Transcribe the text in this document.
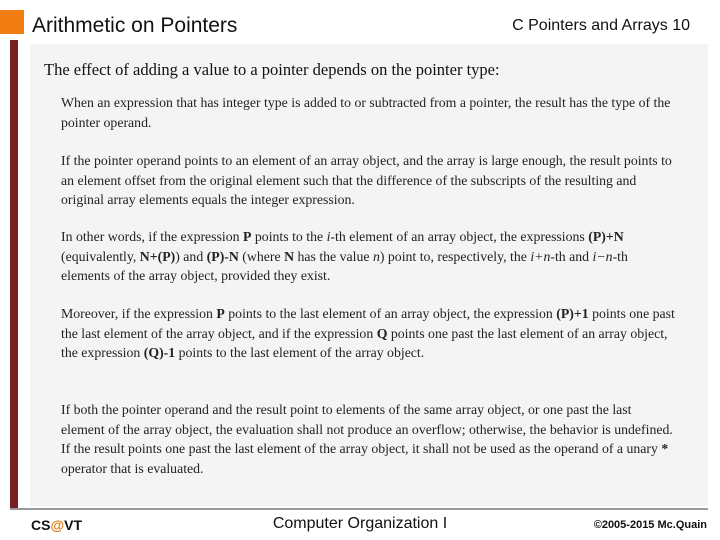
Arithmetic on Pointers	C Pointers and Arrays 10
The effect of adding a value to a pointer depends on the pointer type:
When an expression that has integer type is added to or subtracted from a pointer, the result has the type of the pointer operand.
If the pointer operand points to an element of an array object, and the array is large enough, the result points to an element offset from the original element such that the difference of the subscripts of the resulting and original array elements equals the integer expression.
In other words, if the expression P points to the i-th element of an array object, the expressions (P)+N (equivalently, N+(P)) and (P)-N (where N has the value n) point to, respectively, the i+n-th and i−n-th elements of the array object, provided they exist.
Moreover, if the expression P points to the last element of an array object, the expression (P)+1 points one past the last element of the array object, and if the expression Q points one past the last element of an array object, the expression (Q)-1 points to the last element of the array object.
If both the pointer operand and the result point to elements of the same array object, or one past the last element of the array object, the evaluation shall not produce an overflow; otherwise, the behavior is undefined. If the result points one past the last element of the array object, it shall not be used as the operand of a unary * operator that is evaluated.
CS@VT	Computer Organization I	©2005-2015 Mc.Quain
